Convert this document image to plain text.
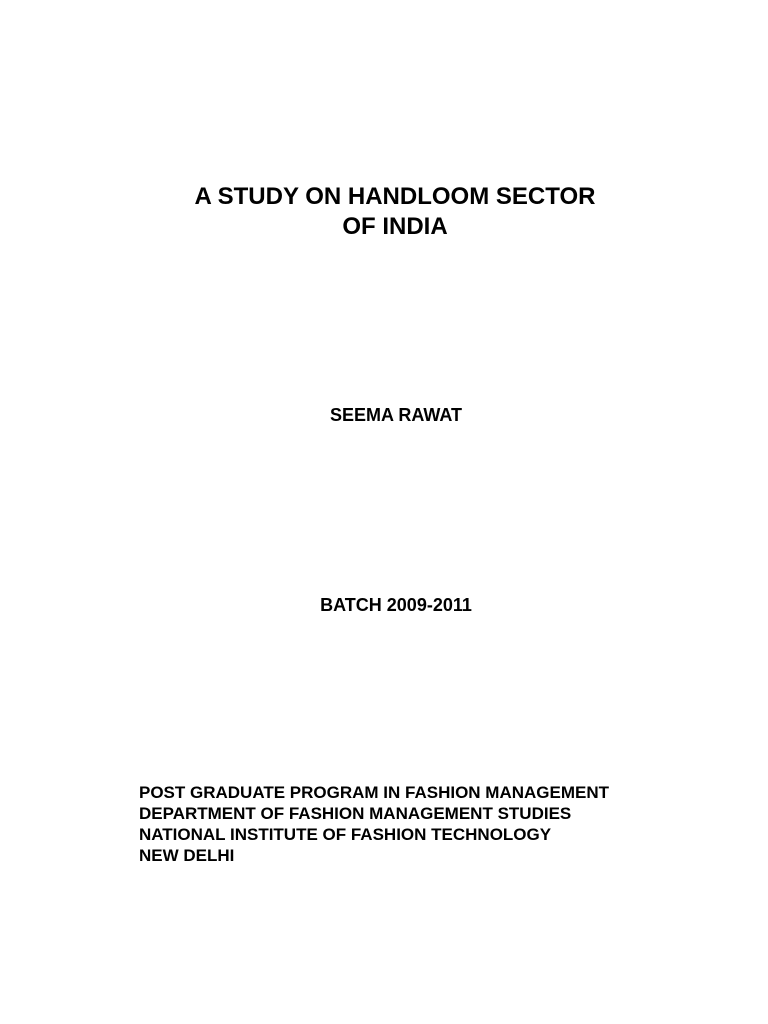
A STUDY ON HANDLOOM SECTOR
OF INDIA
SEEMA RAWAT
BATCH 2009-2011
POST GRADUATE PROGRAM IN FASHION MANAGEMENT
DEPARTMENT OF FASHION MANAGEMENT STUDIES
NATIONAL INSTITUTE OF FASHION TECHNOLOGY
NEW DELHI
